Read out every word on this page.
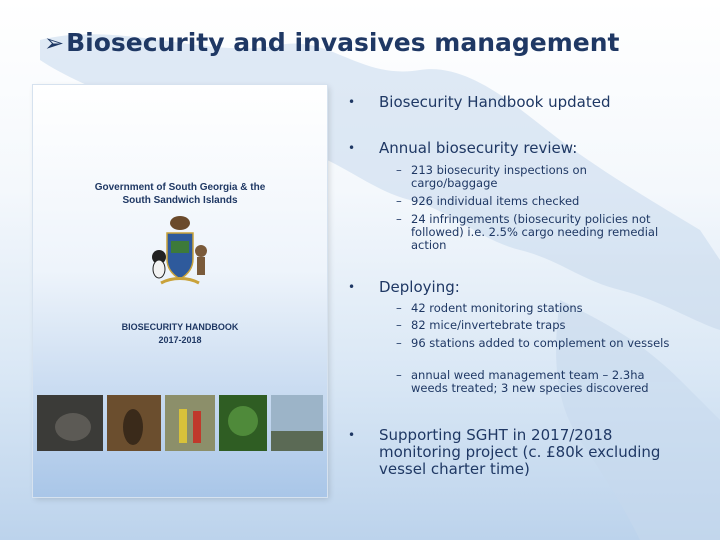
➢Biosecurity and invasives management
Government of South Georgia & the South Sandwich Islands
BIOSECURITY HANDBOOK
2017-2018
• Biosecurity Handbook updated
• Annual biosecurity review:
– 213 biosecurity inspections on cargo/baggage
– 926 individual items checked
– 24 infringements (biosecurity policies not followed) i.e. 2.5% cargo needing remedial action
• Deploying:
– 42 rodent monitoring stations
– 82 mice/invertebrate traps
– 96 stations added to complement on vessels
– annual weed management team – 2.3ha weeds treated; 3 new species discovered
• Supporting SGHT in 2017/2018 monitoring project (c. £80k excluding vessel charter time)
